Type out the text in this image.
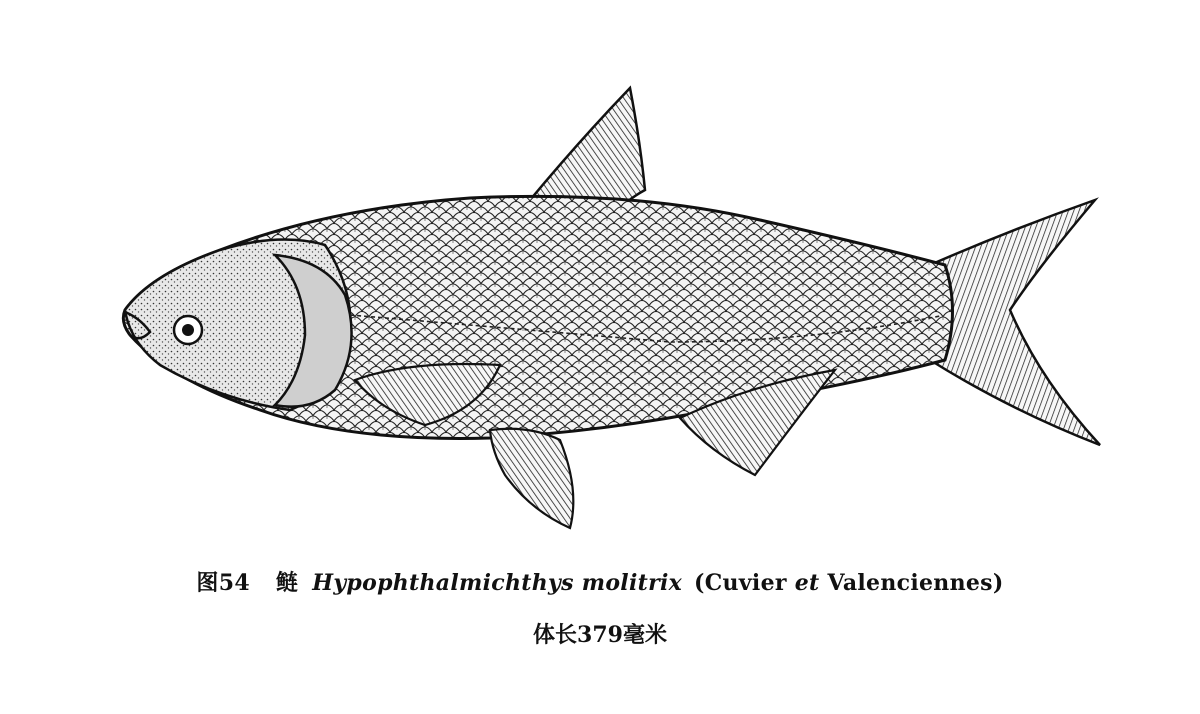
图54 鲢 Hypophthalmichthys molitrix (Cuvier et Valenciennes)
体长379毫米
